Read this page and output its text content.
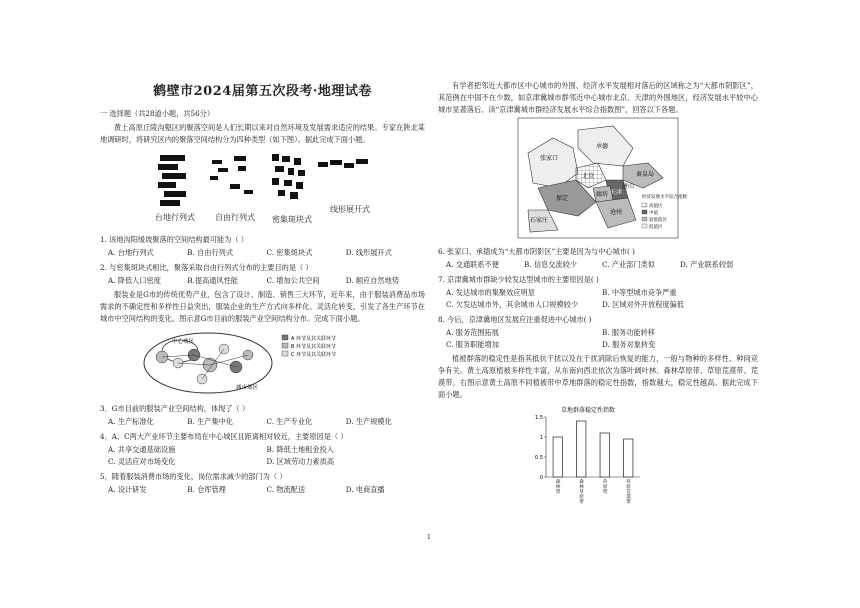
鹤壁市2024届第五次段考·地理试卷
一 选择题（共28道小题，共56分）
黄土高原丘陵沟壑区的聚落空间是人们长期以来对自然环境及发展需求适应的结果。专家在陕北某地调研时，将研究区内的聚落空间结构分为四种类型（如下图）。据此完成下面小题。
台地行列式	自由行列式 密集斑块式
线形展开式
1. 该地沟阳缓坡聚落的空间结构最可能为（ ）
A. 台地行列式	B. 自由行列式	C. 密集斑块式	D. 线形展开式
2. 与密集斑块式相比，聚落采取自由行列式分布的主要目的是（ ）
A. 降低人口密度	B.提高通风性能	C. 增加公共空间	D. 顺应自然地势
服装业是G市的传统优势产业，包含了设计、制造、销售三大环节，近年来，由于服装消费品市场需求的不确定性和多样性日益突出，服装企业的生产方式向多样化、灵活化转变，引发了各生产环节在城市中空间结构的变化。图示意G市目前的服装产业空间结构分布。完成下面小题。
中心城区
城市郊区
A 环节及其关联环节
B 环节及其关联环节
C 环节及其关联环节
3．G市目前的服装产业空间结构，体现了（ ）
A. 生产标准化	B. 生产集中化	C. 生产专业化	D. 生产规模化
4．A、C两大产业环节主要布局在中心城区且距离相对较近，主要原因是（ ）
A. 共享交通基础设施	B. 降低土地租金投入
C. 灵活应对市场变化	D. 区域劳动力素质高
5．随着服装消费市场的变化，岗位需求减少的部门为（ ）
A. 设计研发	B. 仓库管理	C. 物流配送	D. 电商直播
有学者把邻近大都市区中心城市的外围、经济水平发展相对落后的区域称之为“大都市阴影区”，其范例在中国不在少数，如京津冀城市群邻近中心城市北京、天津的外围地区，经济发展水平较中心城市显著落后。读“京津冀城市群经济发展水平综合指数图”，回答以下各题。
张家口
承德
秦皇岛
北京
天津
唐山
廊坊
保定
沧州
石家庄
经济发展水平综合指数
高值区
中值
较低值区
低值区
6. 张家口、承德成为“大都市阴影区”主要是因为与中心城市( )
A. 交通联系不便	B. 信息交流较少	C. 产业部门类似	D. 产业联系较弱
7. 京津冀城市群缺少较发达型城市的主要原因是( )
A. 发达城市的集聚效应明显	B. 中等型城市竞争严重
C. 欠发达城市外，其余城市人口规模较少	D. 区域对外开放程度偏低
8. 今后，京津冀地区发展应注重促进中心城市( )
A. 服务范围拓展	B. 服务功能转移
C. 服务职能增加	D. 服务对象转变
植被群落的稳定性是指其抵抗干扰以及在干扰消除后恢复的能力，一般与物种的多样性、种间竞争有关。黄土高原植被多样性丰富，从东南向西北依次为落叶阔叶林、森林草原带、草原荒漠带、荒漠带。右图示意黄土高原不同植被带中草地群落的稳定性指数，指数越大，稳定性越高。据此完成下面小题。
草地群落稳定性指数
0
0.5
1
1.5
森林带
森林草原带
草原带
草原荒漠带
1
